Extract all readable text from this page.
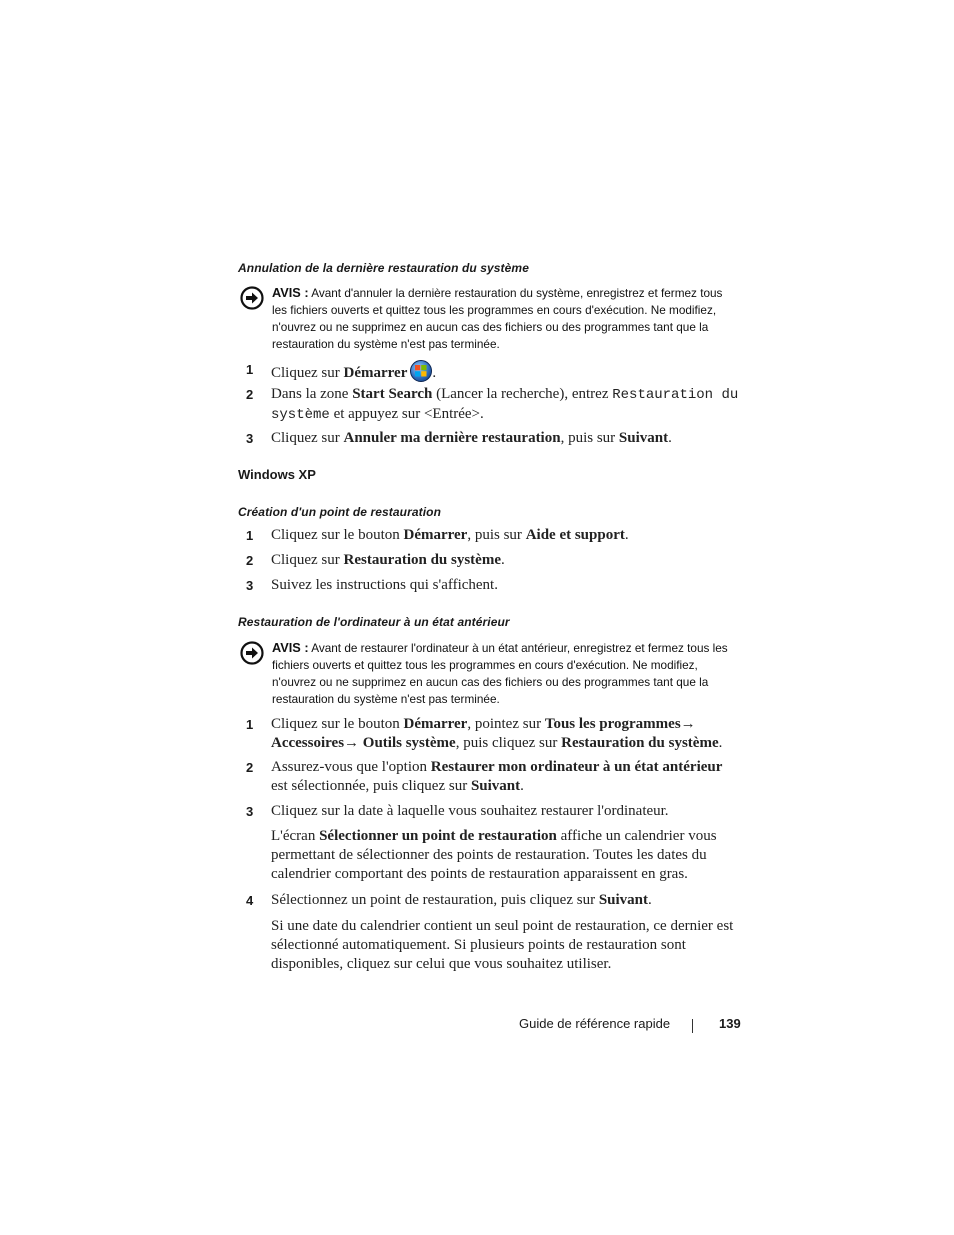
Annulation de la dernière restauration du système
AVIS : Avant d'annuler la dernière restauration du système, enregistrez et fermez tous les fichiers ouverts et quittez tous les programmes en cours d'exécution. Ne modifiez, n'ouvrez ou ne supprimez en aucun cas des fichiers ou des programmes tant que la restauration du système n'est pas terminée.
1 Cliquez sur Démarrer .
2 Dans la zone Start Search (Lancer la recherche), entrez Restauration du système et appuyez sur <Entrée>.
3 Cliquez sur Annuler ma dernière restauration, puis sur Suivant.
Windows XP
Création d'un point de restauration
1 Cliquez sur le bouton Démarrer, puis sur Aide et support.
2 Cliquez sur Restauration du système.
3 Suivez les instructions qui s'affichent.
Restauration de l'ordinateur à un état antérieur
AVIS : Avant de restaurer l'ordinateur à un état antérieur, enregistrez et fermez tous les fichiers ouverts et quittez tous les programmes en cours d'exécution. Ne modifiez, n'ouvrez ou ne supprimez en aucun cas des fichiers ou des programmes tant que la restauration du système n'est pas terminée.
1 Cliquez sur le bouton Démarrer, pointez sur Tous les programmes→ Accessoires→ Outils système, puis cliquez sur Restauration du système.
2 Assurez-vous que l'option Restaurer mon ordinateur à un état antérieur est sélectionnée, puis cliquez sur Suivant.
3 Cliquez sur la date à laquelle vous souhaitez restaurer l'ordinateur.
L'écran Sélectionner un point de restauration affiche un calendrier vous permettant de sélectionner des points de restauration. Toutes les dates du calendrier comportant des points de restauration apparaissent en gras.
4 Sélectionnez un point de restauration, puis cliquez sur Suivant.
Si une date du calendrier contient un seul point de restauration, ce dernier est sélectionné automatiquement. Si plusieurs points de restauration sont disponibles, cliquez sur celui que vous souhaitez utiliser.
Guide de référence rapide	139
